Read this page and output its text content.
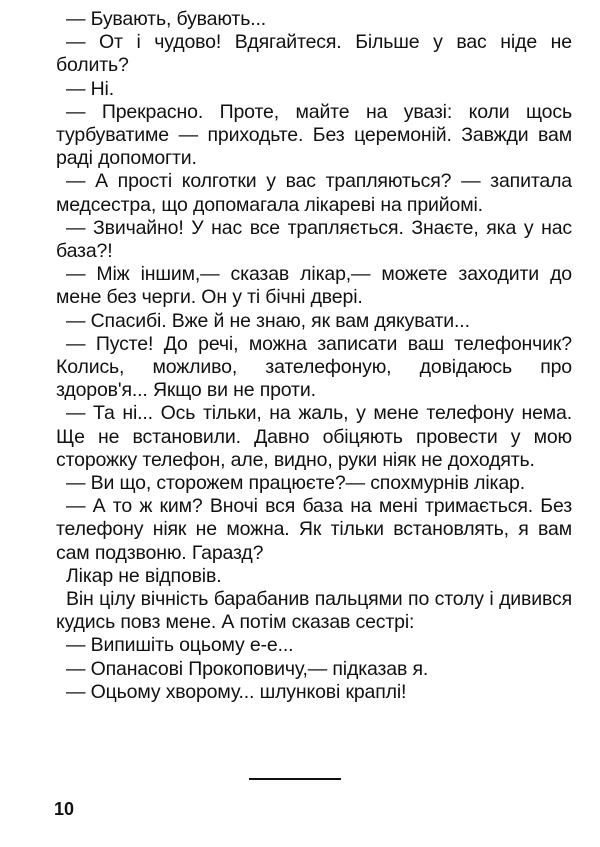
— Бувають, бувають...

— От і чудово! Вдягайтеся. Більше у вас ніде не болить?

— Ні.

— Прекрасно. Проте, майте на увазі: коли щось турбуватиме — приходьте. Без церемоній. Завжди вам раді допомогти.

— А прості колготки у вас трапляються? — запитала медсестра, що допомагала лікареві на прийомі.

— Звичайно! У нас все трапляється. Знаєте, яка у нас база?!

— Між іншим,— сказав лікар,— можете заходити до мене без черги. Он у ті бічні двері.

— Спасибі. Вже й не знаю, як вам дякувати...

— Пусте! До речі, можна записати ваш телефончик? Колись, можливо, зателефоную, довідаюсь про здоров'я... Якщо ви не проти.

— Та ні... Ось тільки, на жаль, у мене телефону нема. Ще не встановили. Давно обіцяють провести у мою сторожку телефон, але, видно, руки ніяк не доходять.

— Ви що, сторожем працюєте?— спохмурнів лікар.

— А то ж ким? Вночі вся база на мені тримається. Без телефону ніяк не можна. Як тільки встановлять, я вам сам подзвоню. Гаразд?

Лікар не відповів.

Він цілу вічність барабанив пальцями по столу і дивився кудись повз мене. А потім сказав сестрі:

— Випишіть оцьому е-е...

— Опанасові Прокоповичу,— підказав я.

— Оцьому хворому... шлункові краплі!

10
